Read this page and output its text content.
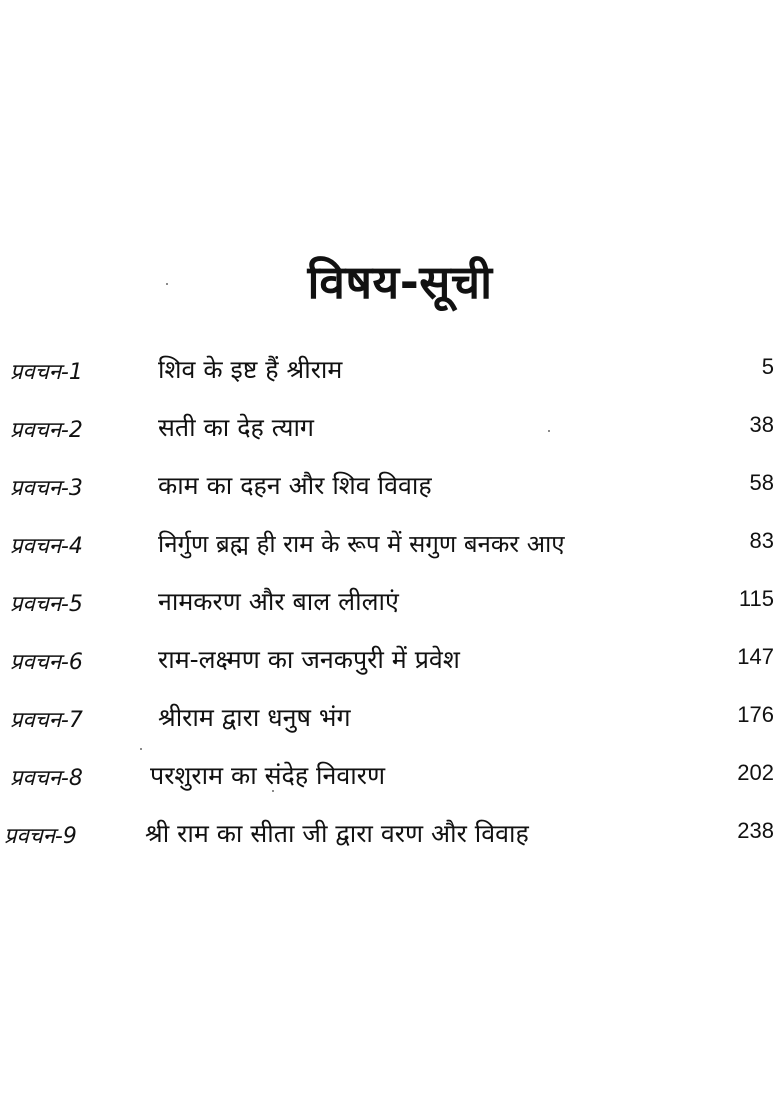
विषय-सूची
प्रवचन-1	शिव के इष्ट हैं श्रीराम	5
प्रवचन-2	सती का देह त्याग	38
प्रवचन-3	काम का दहन और शिव विवाह	58
प्रवचन-4	निर्गुण ब्रह्म ही राम के रूप में सगुण बनकर आए	83
प्रवचन-5	नामकरण और बाल लीलाएं	115
प्रवचन-6	राम-लक्ष्मण का जनकपुरी में प्रवेश	147
प्रवचन-7	श्रीराम द्वारा धनुष भंग	176
प्रवचन-8	परशुराम का संदेह निवारण	202
प्रवचन-9	श्री राम का सीता जी द्वारा वरण और विवाह	238
